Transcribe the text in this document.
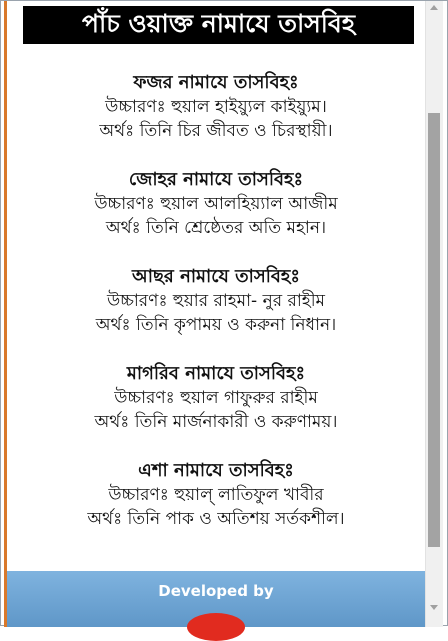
পাঁচ ওয়াক্ত নামাযে তাসবিহ
ফজর নামাযে তাসবিহঃ
উচ্চারণঃ হুয়াল হাইয়্যুল কাইয়্যুম।
অর্থঃ তিনি চির জীবত ও চিরস্থায়ী।
জোহর নামাযে তাসবিহঃ
উচ্চারণঃ হুয়াল আলহিয়্যাল আজীম
অর্থঃ তিনি শ্রেষ্ঠেতর অতি মহান।
আছর নামাযে তাসবিহঃ
উচ্চারণঃ হুয়ার রাহমা- নুর রাহীম
অর্থঃ তিনি কৃপাময় ও করুনা নিধান।
মাগরিব নামাযে তাসবিহঃ
উচ্চারণঃ হুয়াল গাফুরুর রাহীম
অর্থঃ তিনি মার্জনাকারী ও করুণাময়।
এশা নামাযে তাসবিহঃ
উচ্চারণঃ হুয়াল্ লাতিফুল খাবীর
অর্থঃ তিনি পাক ও অতিশয় সর্তকশীল।
Developed by
